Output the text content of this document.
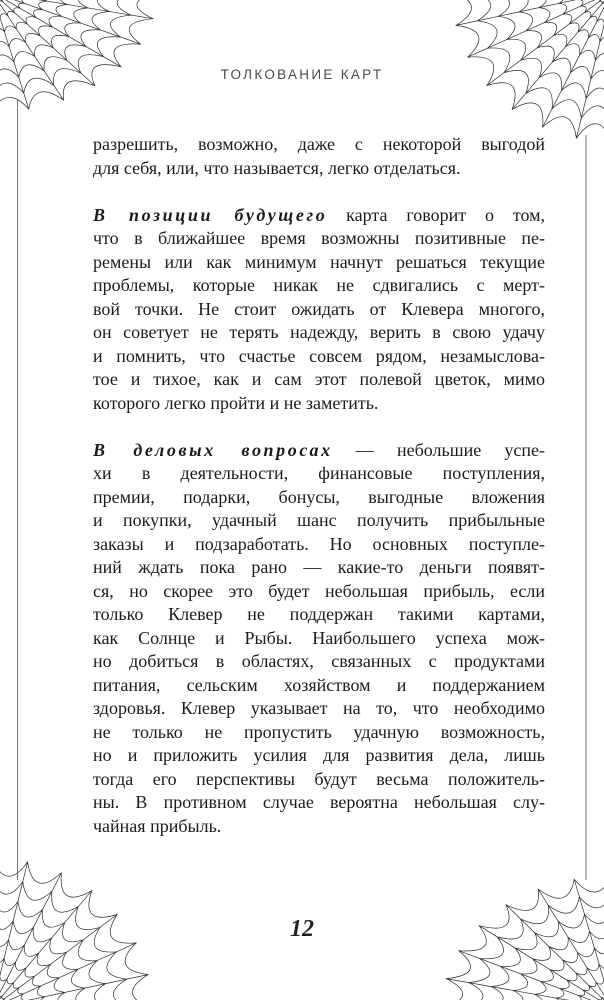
ТОЛКОВАНИЕ КАРТ
разрешить, возможно, даже с некоторой выгодой
для себя, или, что называется, легко отделаться.
В позиции будущего карта говорит о том,
что в ближайшее время возможны позитивные пе-
ремены или как минимум начнут решаться текущие
проблемы, которые никак не сдвигались с мерт-
вой точки. Не стоит ожидать от Клевера многого,
он советует не терять надежду, верить в свою удачу
и помнить, что счастье совсем рядом, незамыслова-
тое и тихое, как и сам этот полевой цветок, мимо
которого легко пройти и не заметить.
В деловых вопросах — небольшие успе-
хи в деятельности, финансовые поступления,
премии, подарки, бонусы, выгодные вложения
и покупки, удачный шанс получить прибыльные
заказы и подзаработать. Но основных поступле-
ний ждать пока рано — какие-то деньги появят-
ся, но скорее это будет небольшая прибыль, если
только Клевер не поддержан такими картами,
как Солнце и Рыбы. Наибольшего успеха мож-
но добиться в областях, связанных с продуктами
питания, сельским хозяйством и поддержанием
здоровья. Клевер указывает на то, что необходимо
не только не пропустить удачную возможность,
но и приложить усилия для развития дела, лишь
тогда его перспективы будут весьма положитель-
ны. В противном случае вероятна небольшая слу-
чайная прибыль.
12
